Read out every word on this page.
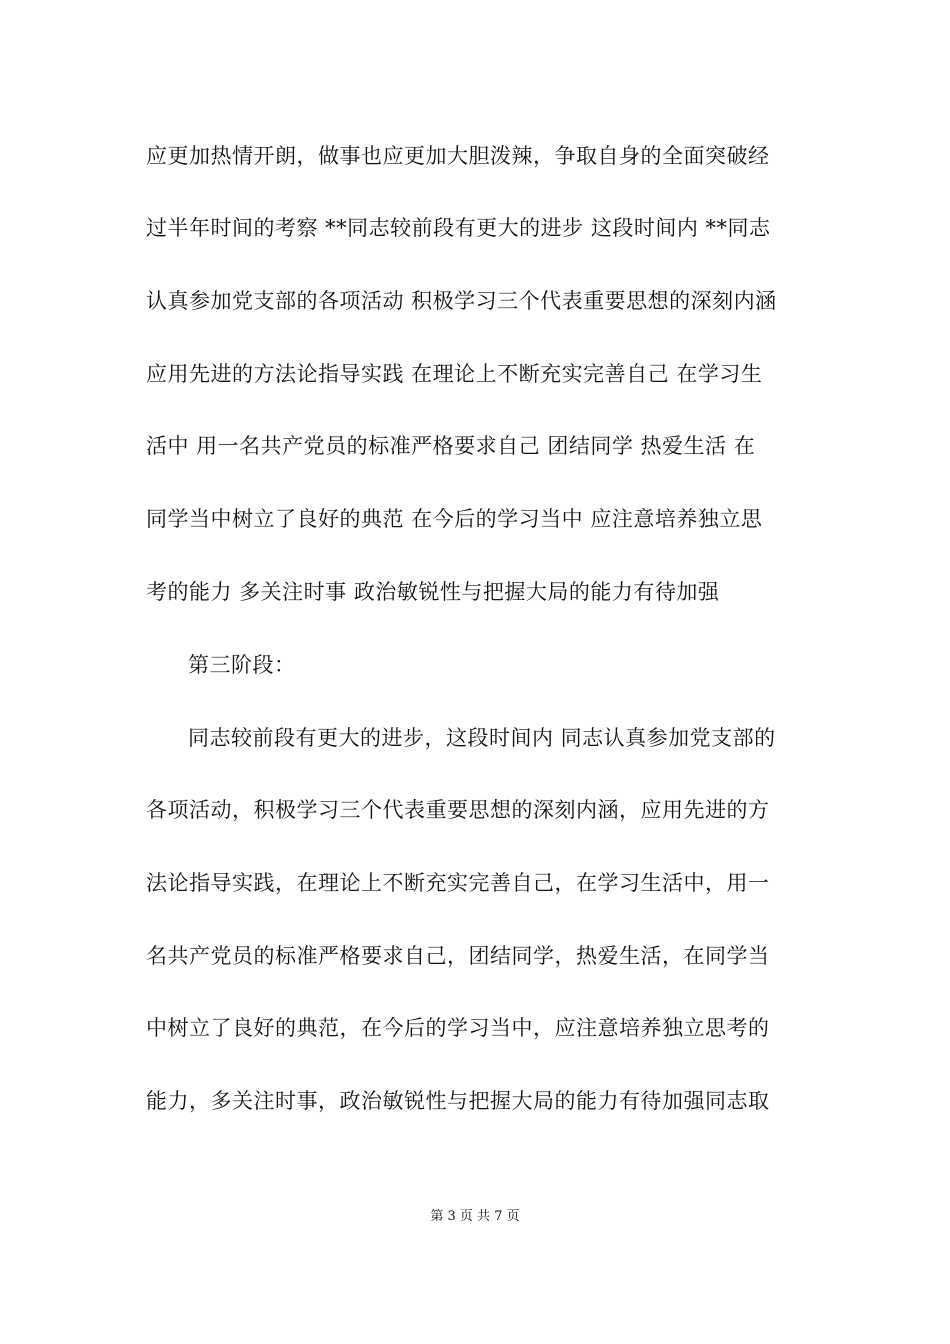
应更加热情开朗，做事也应更加大胆泼辣，争取自身的全面突破经
过半年时间的考察 **同志较前段有更大的进步 这段时间内 **同志
认真参加党支部的各项活动 积极学习三个代表重要思想的深刻内涵
应用先进的方法论指导实践 在理论上不断充实完善自己 在学习生
活中 用一名共产党员的标准严格要求自己 团结同学 热爱生活 在
同学当中树立了良好的典范 在今后的学习当中 应注意培养独立思
考的能力 多关注时事 政治敏锐性与把握大局的能力有待加强
第三阶段：
同志较前段有更大的进步，这段时间内 同志认真参加党支部的
各项活动，积极学习三个代表重要思想的深刻内涵，应用先进的方
法论指导实践，在理论上不断充实完善自己，在学习生活中，用一
名共产党员的标准严格要求自己，团结同学，热爱生活，在同学当
中树立了良好的典范，在今后的学习当中，应注意培养独立思考的
能力，多关注时事，政治敏锐性与把握大局的能力有待加强同志取
第 3 页 共 7 页
